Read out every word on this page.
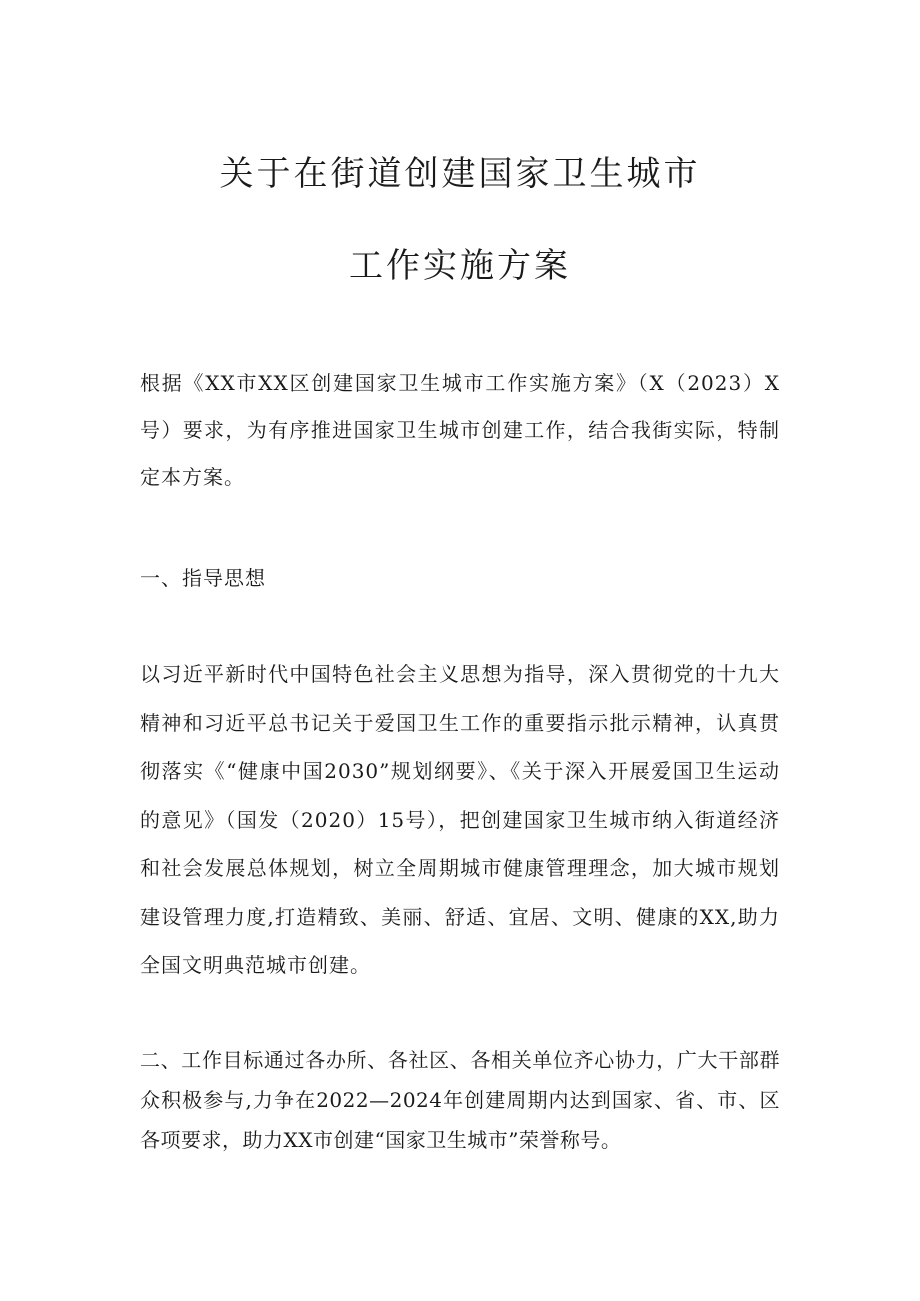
关于在街道创建国家卫生城市
工作实施方案

根据《XX市XX区创建国家卫生城市工作实施方案》（X（2023）X号）要求，为有序推进国家卫生城市创建工作，结合我街实际，特制定本方案。

一、指导思想

以习近平新时代中国特色社会主义思想为指导，深入贯彻党的十九大精神和习近平总书记关于爱国卫生工作的重要指示批示精神，认真贯彻落实《“健康中国2030”规划纲要》、《关于深入开展爱国卫生运动的意见》（国发（2020）15号），把创建国家卫生城市纳入街道经济和社会发展总体规划，树立全周期城市健康管理理念，加大城市规划建设管理力度,打造精致、美丽、舒适、宜居、文明、健康的XX,助力全国文明典范城市创建。

二、工作目标通过各办所、各社区、各相关单位齐心协力，广大干部群众积极参与,力争在2022—2024年创建周期内达到国家、省、市、区各项要求，助力XX市创建“国家卫生城市”荣誉称号。
